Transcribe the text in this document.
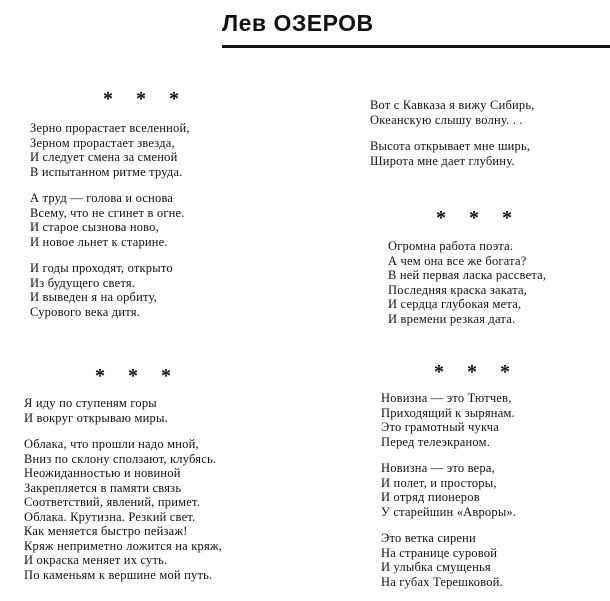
Лев ОЗЕРОВ
* * *
* * *
* * *
* * *
Зерно прорастает вселенной,
Зерном прорастает звезда,
И следует смена за сменой
В испытанном ритме труда.
А труд — голова и основа
Всему, что не сгинет в огне.
И старое сызнова ново,
И новое льнет к старине.
И годы проходят, открыто
Из будущего светя.
И выведен я на орбиту,
Сурового века дитя.
Я иду по ступеням горы
И вокруг открываю миры.
Облака, что прошли надо мной,
Вниз по склону сползают, клубясь.
Неожиданностью и новиной
Закрепляется в памяти связь
Соответствий, явлений, примет.
Облака. Крутизна. Резкий свет.
Как меняется быстро пейзаж!
Кряж неприметно ложится на кряж,
И окраска меняет их суть.
По каменьям к вершине мой путь.
Вот с Кавказа я вижу Сибирь,
Океанскую слышу волну. . .
Высота открывает мне ширь,
Широта мне дает глубину.
Огромна работа поэта.
А чем она все же богата?
В ней первая ласка рассвета,
Последняя краска заката,
И сердца глубокая мета,
И времени резкая дата.
Новизна — это Тютчев,
Приходящий к зырянам.
Это грамотный чукча
Перед телеэкраном.
Новизна — это вера,
И полет, и просторы,
И отряд пионеров
У старейшин «Авроры».
Это ветка сирени
На странице суровой
И улыбка смущенья
На губах Терешковой.
